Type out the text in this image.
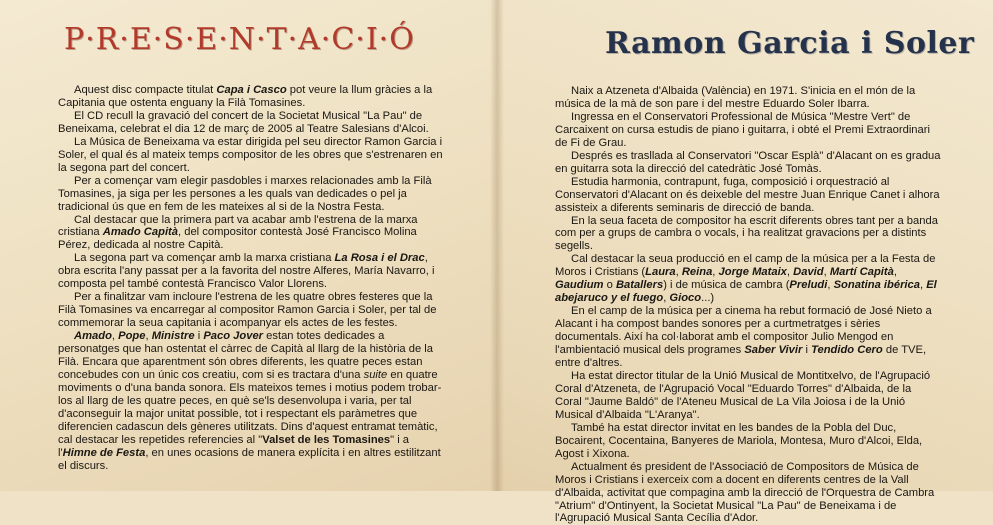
P·R·E·S·E·N·T·A·C·I·Ó

Aquest disc compacte titulat Capa i Casco pot veure la llum gràcies a la Capitania que ostenta enguany la Filà Tomasines.

El CD recull la gravació del concert de la Societat Musical "La Pau" de Beneixama, celebrat el dia 12 de març de 2005 al Teatre Salesians d'Alcoi.

La Música de Beneixama va estar dirigida pel seu director Ramon Garcia i Soler, el qual és al mateix temps compositor de les obres que s'estrenaren en la segona part del concert.

Per a començar vam elegir pasdobles i marxes relacionades amb la Filà Tomasines, ja siga per les persones a les quals van dedicades o pel ja tradicional ús que en fem de les mateixes al si de la Nostra Festa.

Cal destacar que la primera part va acabar amb l'estrena de la marxa cristiana Amado Capità, del compositor contestà José Francisco Molina Pérez, dedicada al nostre Capità.

La segona part va començar amb la marxa cristiana La Rosa i el Drac, obra escrita l'any passat per a la favorita del nostre Alferes, María Navarro, i composta pel també contestà Francisco Valor Llorens.

Per a finalitzar vam incloure l'estrena de les quatre obres festeres que la Filà Tomasines va encarregar al compositor Ramon Garcia i Soler, per tal de commemorar la seua capitania i acompanyar els actes de les festes.

Amado, Pope, Ministre i Paco Jover estan totes dedicades a personatges que han ostentat el càrrec de Capità al llarg de la història de la Filà. Encara que aparentment són obres diferents, les quatre peces estan concebudes con un únic cos creatiu, com si es tractara d'una suite en quatre moviments o d'una banda sonora. Els mateixos temes i motius podem trobar-los al llarg de les quatre peces, en què se'ls desenvolupa i varia, per tal d'aconseguir la major unitat possible, tot i respectant els paràmetres que diferencien cadascun dels gèneres utilitzats. Dins d'aquest entramat temàtic, cal destacar les repetides referencies al "Valset de les Tomasines" i a l'Himne de Festa, en unes ocasions de manera explícita i en altres estilitzant el discurs.

Ramon Garcia i Soler

Naix a Atzeneta d'Albaida (València) en 1971. S'inicia en el món de la música de la mà de son pare i del mestre Eduardo Soler Ibarra.

Ingressa en el Conservatori Professional de Música "Mestre Vert" de Carcaixent on cursa estudis de piano i guitarra, i obté el Premi Extraordinari de Fi de Grau.

Després es trasllada al Conservatori "Oscar Esplà" d'Alacant on es gradua en guitarra sota la direcció del catedràtic José Tomàs.

Estudia harmonia, contrapunt, fuga, composició i orquestració al Conservatori d'Alacant on és deixeble del mestre Juan Enrique Canet i alhora assisteix a diferents seminaris de direcció de banda.

En la seua faceta de compositor ha escrit diferents obres tant per a banda com per a grups de cambra o vocals, i ha realitzat gravacions per a distints segells.

Cal destacar la seua producció en el camp de la música per a la Festa de Moros i Cristians (Laura, Reina, Jorge Mataix, David, Martí Capità, Gaudium o Batallers) i de música de cambra (Preludi, Sonatina ibérica, El abejaruco y el fuego, Gioco...)

En el camp de la música per a cinema ha rebut formació de José Nieto a Alacant i ha compost bandes sonores per a curtmetratges i sèries documentals. Així ha col·laborat amb el compositor Julio Mengod en l'ambientació musical dels programes Saber Vivir i Tendido Cero de TVE, entre d'altres.

Ha estat director titular de la Unió Musical de Montitxelvo, de l'Agrupació Coral d'Atzeneta, de l'Agrupació Vocal "Eduardo Torres" d'Albaida, de la Coral "Jaume Baldó" de l'Ateneu Musical de La Vila Joiosa i de la Unió Musical d'Albaida "L'Aranya".

També ha estat director invitat en les bandes de la Pobla del Duc, Bocairent, Cocentaina, Banyeres de Mariola, Montesa, Muro d'Alcoi, Elda, Agost i Xixona.

Actualment és president de l'Associació de Compositors de Música de Moros i Cristians i exerceix com a docent en diferents centres de la Vall d'Albaida, activitat que compagina amb la direcció de l'Orquestra de Cambra "Atrium" d'Ontinyent, la Societat Musical "La Pau" de Beneixama i de l'Agrupació Musical Santa Cecília d'Ador.
